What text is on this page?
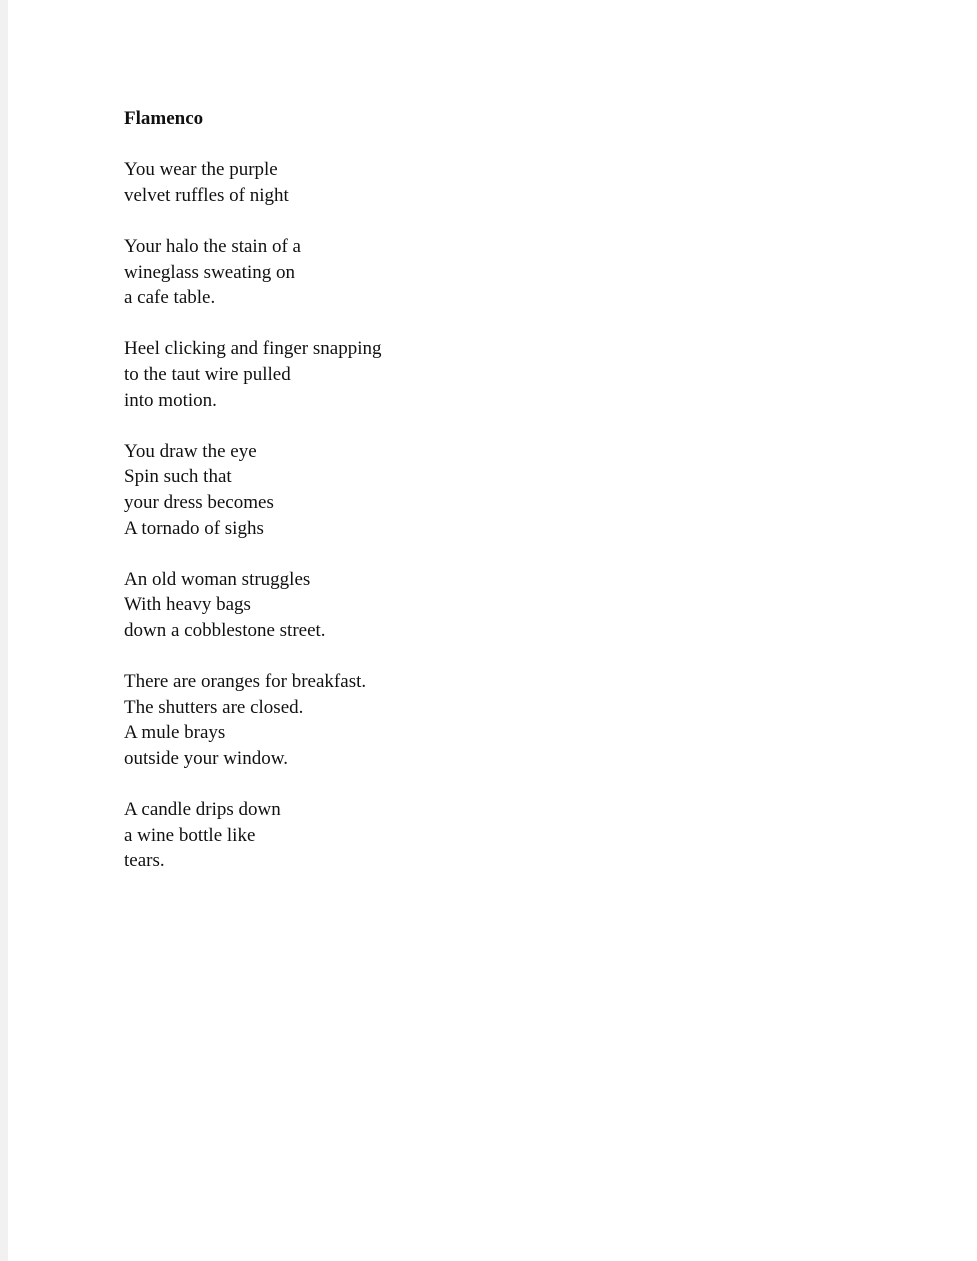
Flamenco
You wear the purple
velvet ruffles of night
Your halo the stain of a
wineglass sweating on
a cafe table.
Heel clicking and finger snapping
to the taut wire pulled
into motion.
You draw the eye
Spin such that
your dress becomes
A tornado of sighs
An old woman struggles
With heavy bags
down a cobblestone street.
There are oranges for breakfast.
The shutters are closed.
A mule brays
outside your window.
A candle drips down
a wine bottle like
tears.
